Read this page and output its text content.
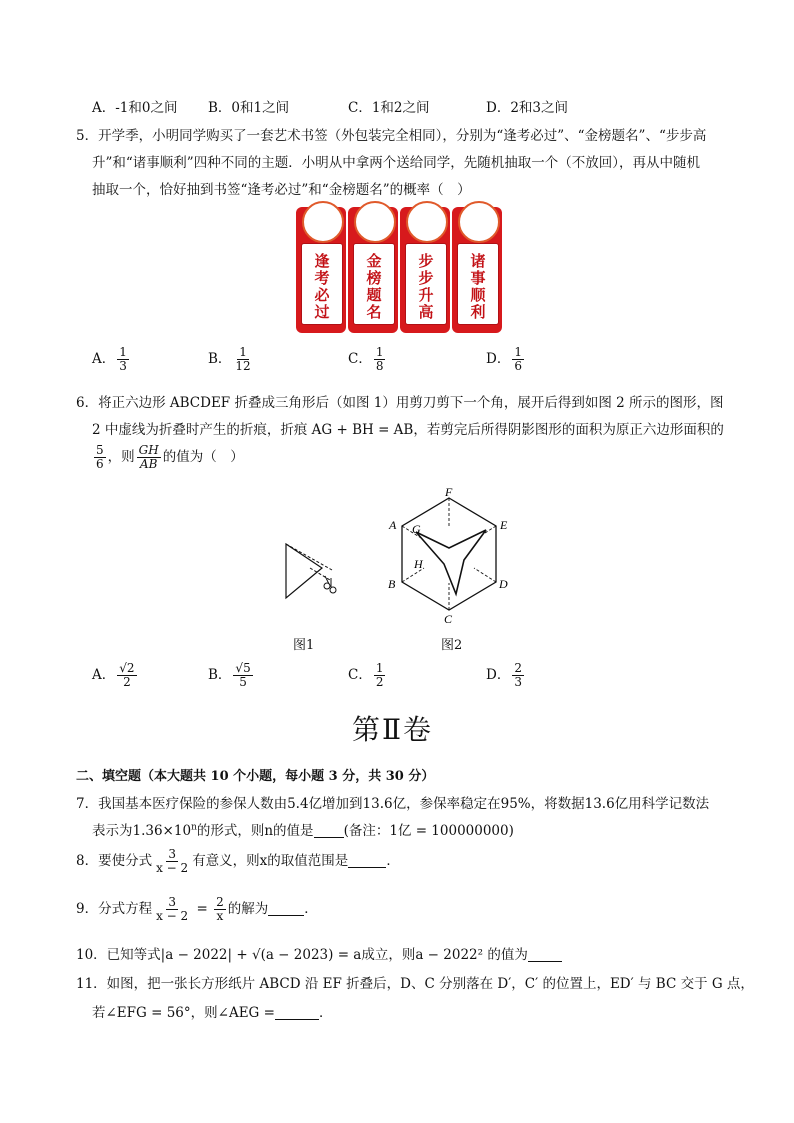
A．-1和0之间 B．0和1之间	C．1和2之间	D．2和3之间
5．开学季，小明同学购买了一套艺术书签（外包装完全相同），分别为“逢考必过”、“金榜题名”、“步步高
升”和“诸事顺利”四种不同的主题．小明从中拿两个送给同学，先随机抽取一个（不放回），再从中随机
抽取一个，恰好抽到书签“逢考必过”和“金榜题名”的概率（　）
逢考必过
金榜题名
步步升高
诸事顺利
A． $\frac{1}{3}$	B． $\frac{1}{12}$	C． $\frac{1}{8}$	D． $\frac{1}{6}$
6．将正六边形 ABCDEF 折叠成三角形后（如图 1）用剪刀剪下一个角，展开后得到如图 2 所示的图形，图
2 中虚线为折叠时产生的折痕，折痕 AG + BH = AB，若剪完后所得阴影图形的面积为原正六边形面积的
$\frac{5}{6}$ ，则 $\frac{GH}{AB}$ 的值为（　）
图1
F
E
D
C
B
A G
H
图2
A． $\frac{√2}{2}$	B． $\frac{√5}{5}$	C． $\frac{1}{2}$	D． $\frac{2}{3}$
第Ⅱ卷
二、填空题（本大题共 10 个小题，每小题 3 分，共 30 分）
7．我国基本医疗保险的参保人数由5.4亿增加到13.6亿，参保率稳定在95%，将数据13.6亿用科学记数法
表示为$1.36\times 10^n$的形式，则n的值是 (备注：1亿 = 100000000)
8．要使分式 $\frac{3}{x - 2}$ 有意义，则x的取值范围是	．
9．分式方程 $\frac{3}{x - 2} = \frac{2}{x}$ 的解为	．
10．已知等式|a − 2022| + √(a − 2023) = a成立，则a − 2022² 的值为
11．如图，把一张长方形纸片 ABCD 沿 EF 折叠后，D、C 分别落在 D′，C′ 的位置上，ED′ 与 BC 交于 G 点，
若∠EFG = 56°，则∠AEG =	．
